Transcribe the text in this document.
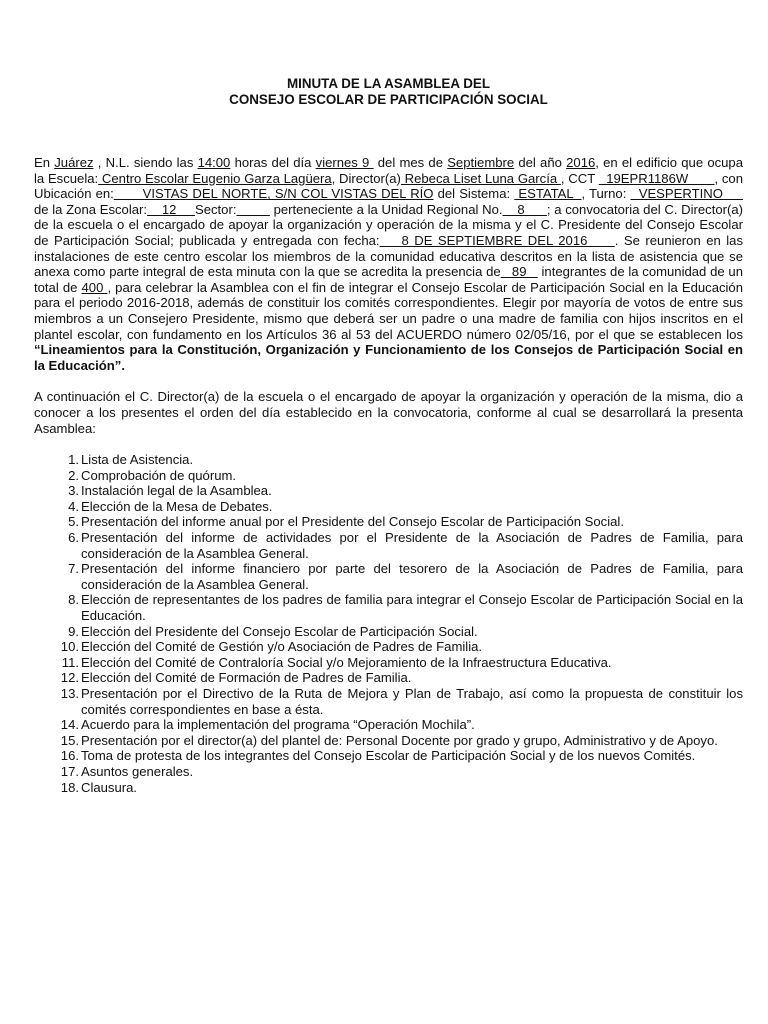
MINUTA DE LA ASAMBLEA DEL
CONSEJO ESCOLAR DE PARTICIPACIÓN SOCIAL

En Juárez , N.L. siendo las 14:00 horas del día viernes 9  del mes de Septiembre del año 2016, en el edificio que ocupa la Escuela: Centro Escolar Eugenio Garza Lagüera, Director(a) Rebeca Liset Luna García , CCT   19EPR1186W       , con Ubicación en:       VISTAS DEL NORTE, S/N COL VISTAS DEL RÍO del Sistema:  ESTATAL  , Turno:   VESPERTINO      de la Zona Escolar:    12     Sector:	perteneciente a la Unidad Regional No.    8      ; a convocatoria del C. Director(a) de la escuela o el encargado de apoyar la organización y operación de la misma y el C. Presidente del Consejo Escolar de Participación Social; publicada y entregada con fecha:    8 DE SEPTIEMBRE DEL 2016     . Se reunieron en las instalaciones de este centro escolar los miembros de la comunidad educativa descritos en la lista de asistencia que se anexa como parte integral de esta minuta con la que se acredita la presencia de   89    integrantes de la comunidad de un total de 400 , para celebrar la Asamblea con el fin de integrar el Consejo Escolar de Participación Social en la Educación para el periodo 2016-2018, además de constituir los comités correspondientes. Elegir por mayoría de votos de entre sus miembros a un Consejero Presidente, mismo que deberá ser un padre o una madre de familia con hijos inscritos en el plantel escolar, con fundamento en los Artículos 36 al 53 del ACUERDO número 02/05/16, por el que se establecen los “Lineamientos para la Constitución, Organización y Funcionamiento de los Consejos de Participación Social en la Educación”.

A continuación el C. Director(a) de la escuela o el encargado de apoyar la organización y operación de la misma, dio a conocer a los presentes el orden del día establecido en la convocatoria, conforme al cual se desarrollará la presenta Asamblea:

1. Lista de Asistencia.
2. Comprobación de quórum.
3. Instalación legal de la Asamblea.
4. Elección de la Mesa de Debates.
5. Presentación del informe anual por el Presidente del Consejo Escolar de Participación Social.
6. Presentación del informe de actividades por el Presidente de la Asociación de Padres de Familia, para consideración de la Asamblea General.
7. Presentación del informe financiero por parte del tesorero de la Asociación de Padres de Familia, para consideración de la Asamblea General.
8. Elección de representantes de los padres de familia para integrar el Consejo Escolar de Participación Social en la Educación.
9. Elección del Presidente del Consejo Escolar de Participación Social.
10. Elección del Comité de Gestión y/o Asociación de Padres de Familia.
11. Elección del Comité de Contraloría Social y/o Mejoramiento de la Infraestructura Educativa.
12. Elección del Comité de Formación de Padres de Familia.
13. Presentación por el Directivo de la Ruta de Mejora y Plan de Trabajo, así como la propuesta de constituir los comités correspondientes en base a ésta.
14. Acuerdo para la implementación del programa “Operación Mochila”.
15. Presentación por el director(a) del plantel de: Personal Docente por grado y grupo, Administrativo y de Apoyo.
16. Toma de protesta de los integrantes del Consejo Escolar de Participación Social y de los nuevos Comités.
17. Asuntos generales.
18. Clausura.
